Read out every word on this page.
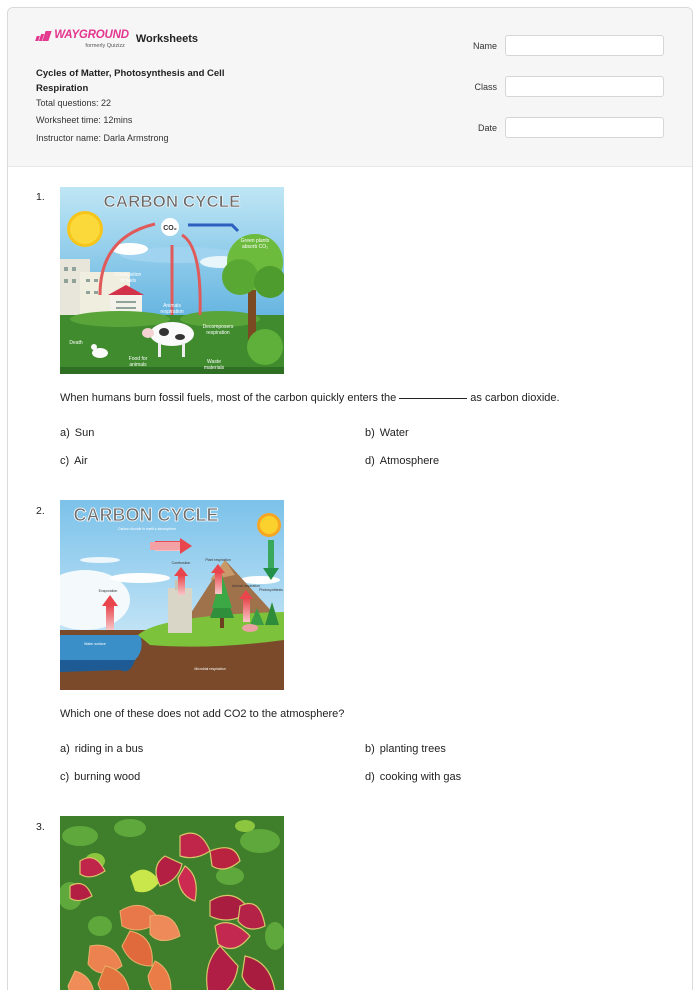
WAYGROUND
formerly Quizizz
Worksheets
Cycles of Matter, Photosynthesis and Cell Respiration
Total questions: 22
Worksheet time: 12mins
Instructor name: Darla Armstrong
Name
Class
Date
1.
CO₂
CARBON CYCLE
Combustion
of fuels
Animals
respiration
Green plants
absorb CO₂
Decomposers
respiration
Death
Food for
animals	Waste
materials
When humans burn fossil fuels, most of the carbon quickly enters the	as carbon dioxide.
a) Sun	b) Water
c) Air	d) Atmosphere
2. CARBON CYCLE
Carbon dioxide in earth's atmosphere
Evaporation
Combustion
Plant respiration
Animal respiration
Photosynthesis
Water surface
Microbial respiration
Which one of these does not add CO2 to the atmosphere?
a) riding in a bus	b) planting trees
c) burning wood	d) cooking with gas
3.
